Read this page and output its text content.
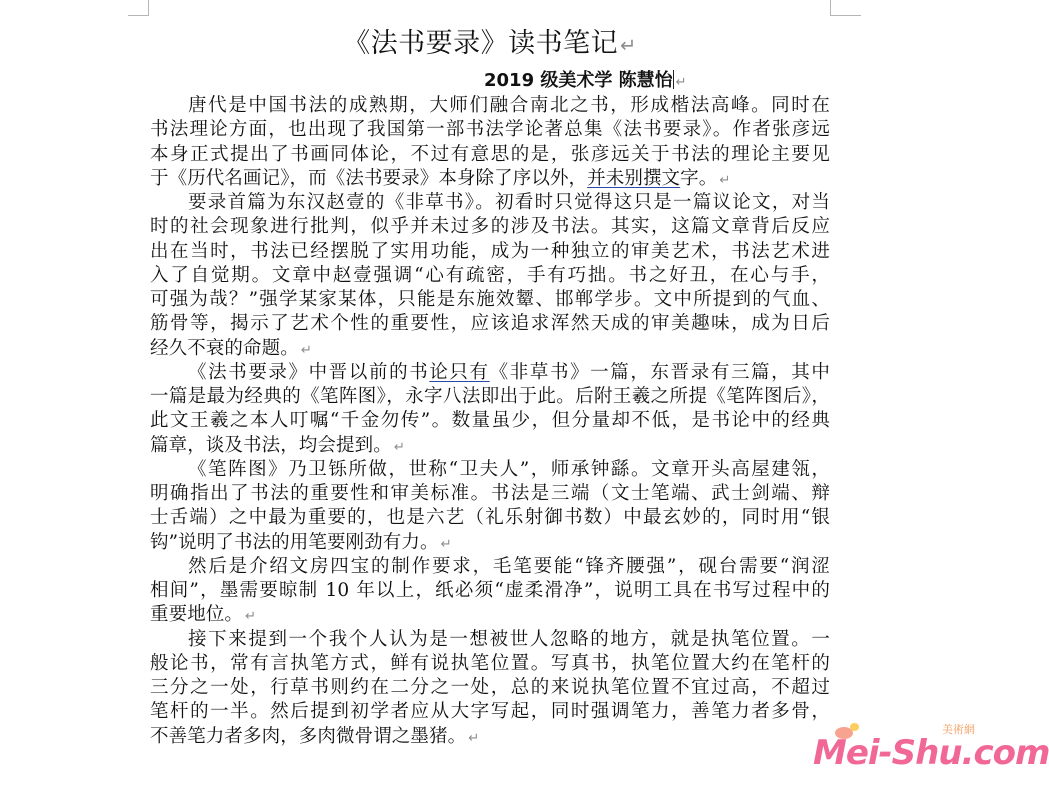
《法书要录》读书笔记 ↵
2019 级美术学 陈慧怡 ↵
唐代是中国书法的成熟期，大师们融合南北之书，形成楷法高峰。同时在
书法理论方面，也出现了我国第一部书法学论著总集《法书要录》。作者张彦远
本身正式提出了书画同体论，不过有意思的是，张彦远关于书法的理论主要见
于《历代名画记》，而《法书要录》本身除了序以外，并未别撰文字。 ↵
要录首篇为东汉赵壹的《非草书》。初看时只觉得这只是一篇议论文，对当
时的社会现象进行批判，似乎并未过多的涉及书法。其实，这篇文章背后反应
出在当时，书法已经摆脱了实用功能，成为一种独立的审美艺术，书法艺术进
入了自觉期。文章中赵壹强调“心有疏密，手有巧拙。书之好丑，在心与手，
可强为哉？”强学某家某体，只能是东施效颦、邯郸学步。文中所提到的气血、
筋骨等，揭示了艺术个性的重要性，应该追求浑然天成的审美趣味，成为日后
经久不衰的命题。 ↵
《法书要录》中晋以前的书论只有《非草书》一篇，东晋录有三篇，其中
一篇是最为经典的《笔阵图》，永字八法即出于此。后附王羲之所提《笔阵图后》，
此文王羲之本人叮嘱“千金勿传”。数量虽少，但分量却不低，是书论中的经典
篇章，谈及书法，均会提到。 ↵
《笔阵图》乃卫铄所做，世称“卫夫人”，师承钟繇。文章开头高屋建瓴，
明确指出了书法的重要性和审美标准。书法是三端（文士笔端、武士剑端、辩
士舌端）之中最为重要的，也是六艺（礼乐射御书数）中最玄妙的，同时用“银
钩”说明了书法的用笔要刚劲有力。 ↵
然后是介绍文房四宝的制作要求，毛笔要能“锋齐腰强”，砚台需要“润涩
相间”，墨需要晾制 10 年以上，纸必须“虚柔滑净”，说明工具在书写过程中的
重要地位。 ↵
接下来提到一个我个人认为是一想被世人忽略的地方，就是执笔位置。一
般论书，常有言执笔方式，鲜有说执笔位置。写真书，执笔位置大约在笔杆的
三分之一处，行草书则约在二分之一处，总的来说执笔位置不宜过高，不超过
笔杆的一半。然后提到初学者应从大字写起，同时强调笔力，善笔力者多骨，
不善笔力者多肉，多肉微骨谓之墨猪。 ↵
美術網
Mei-Shu.com
